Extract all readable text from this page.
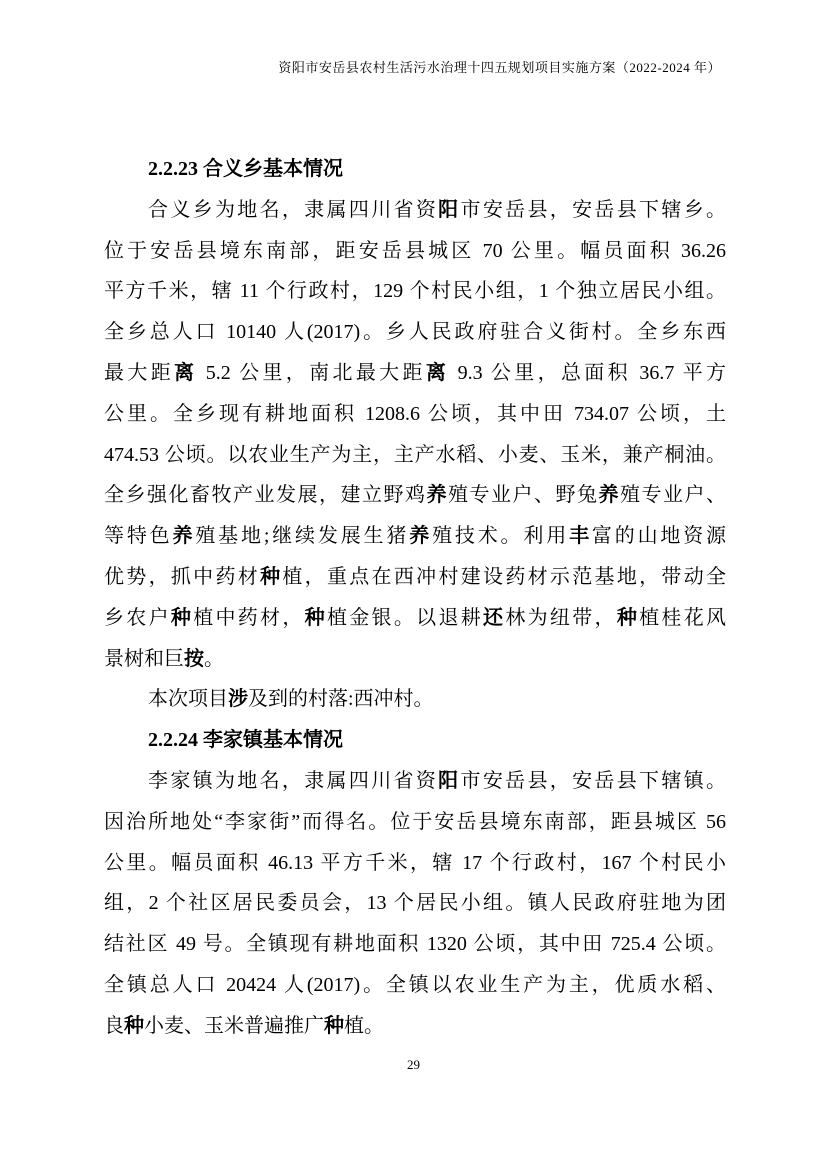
资阳市安岳县农村生活污水治理十四五规划项目实施方案（2022-2024 年）
2.2.23 合义乡基本情况
合义乡为地名，隶属四川省资阳市安岳县，安岳县下辖乡。
位于安岳县境东南部，距安岳县城区 70 公里。幅员面积 36.26
平方千米，辖 11 个行政村，129 个村民小组，1 个独立居民小组。
全乡总人口 10140 人(2017)。乡人民政府驻合义街村。全乡东西
最大距离 5.2 公里，南北最大距离 9.3 公里，总面积 36.7 平方
公里。全乡现有耕地面积 1208.6 公顷，其中田 734.07 公顷，土
474.53 公顷。以农业生产为主，主产水稻、小麦、玉米，兼产桐油。
全乡强化畜牧产业发展，建立野鸡养殖专业户、野兔养殖专业户、
等特色养殖基地;继续发展生猪养殖技术。利用丰富的山地资源
优势，抓中药材种植，重点在西冲村建设药材示范基地，带动全
乡农户种植中药材，种植金银。以退耕还林为纽带，种植桂花风
景树和巨按。
本次项目涉及到的村落:西冲村。
2.2.24 李家镇基本情况
李家镇为地名，隶属四川省资阳市安岳县，安岳县下辖镇。
因治所地处“李家街”而得名。位于安岳县境东南部，距县城区 56
公里。幅员面积 46.13 平方千米，辖 17 个行政村，167 个村民小
组，2 个社区居民委员会，13 个居民小组。镇人民政府驻地为团
结社区 49 号。全镇现有耕地面积 1320 公顷，其中田 725.4 公顷。
全镇总人口 20424 人(2017)。全镇以农业生产为主，优质水稻、
良种小麦、玉米普遍推广种植。
29
